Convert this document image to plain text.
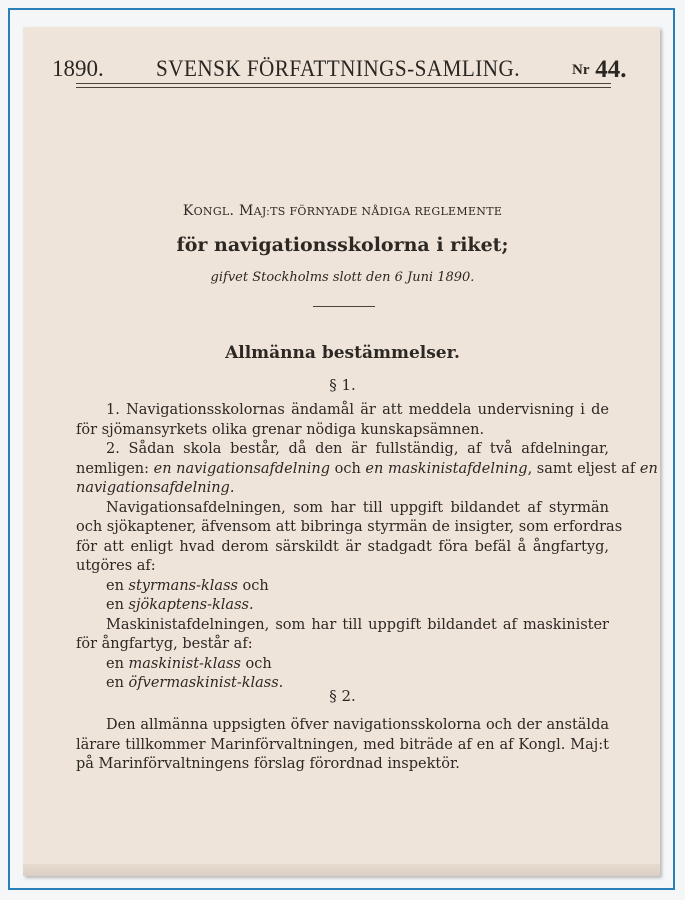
1890. SVENSK FÖRFATTNINGS-SAMLING.	Nr 44.
KONGL. MAJ:TS FÖRNYADE NÅDIGA REGLEMENTE
för navigationsskolorna i riket;
gifvet Stockholms slott den 6 Juni 1890.
Allmänna bestämmelser.
§ 1.

1. Navigationsskolornas ändamål är att meddela undervisning i de

för sjömansyrkets olika grenar nödiga kunskapsämnen.

2. Sådan skola består, då den är fullständig, af två afdelningar,

nemligen: en navigationsafdelning och en maskinistafdelning, samt eljest af en

navigationsafdelning.

Navigationsafdelningen, som har till uppgift bildandet af styrmän

och sjökaptener, äfvensom att bibringa styrmän de insigter, som erfordras

för att enligt hvad derom särskildt är stadgadt föra befäl å ångfartyg,

utgöres af:

en styrmans-klass och

en sjökaptens-klass.

Maskinistafdelningen, som har till uppgift bildandet af maskinister

för ångfartyg, består af:

en maskinist-klass och

en öfvermaskinist-klass.

§ 2.

Den allmänna uppsigten öfver navigationsskolorna och der anstälda

lärare tillkommer Marinförvaltningen, med biträde af en af Kongl. Maj:t

på Marinförvaltningens förslag förordnad inspektör.
